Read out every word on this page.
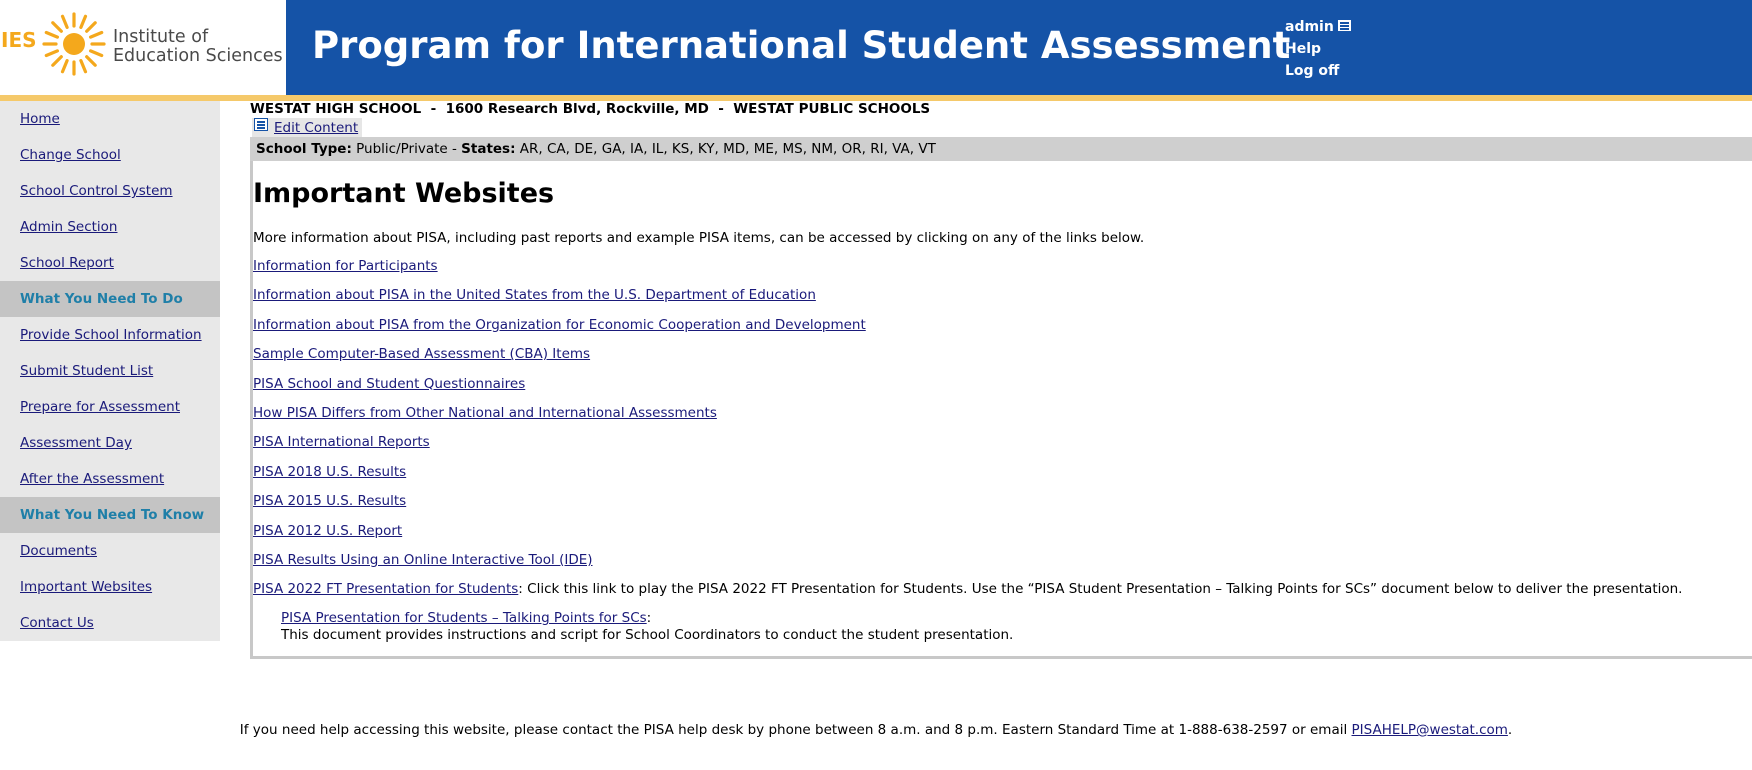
IES	Institute of
Education Sciences Program for International Student Assessment
admin
Help
Log off
Home
Change School
School Control System
Admin Section
School Report
What You Need To Do
Provide School Information
Submit Student List
Prepare for Assessment
Assessment Day
After the Assessment
What You Need To Know
Documents
Important Websites
Contact Us
WESTAT HIGH SCHOOL  -  1600 Research Blvd, Rockville, MD  -  WESTAT PUBLIC SCHOOLS
Edit Content
School Type: Public/Private - States: AR, CA, DE, GA, IA, IL, KS, KY, MD, ME, MS, NM, OR, RI, VA, VT
Important Websites
More information about PISA, including past reports and example PISA items, can be accessed by clicking on any of the links below.
Information for Participants
Information about PISA in the United States from the U.S. Department of Education
Information about PISA from the Organization for Economic Cooperation and Development
Sample Computer-Based Assessment (CBA) Items
PISA School and Student Questionnaires
How PISA Differs from Other National and International Assessments
PISA International Reports
PISA 2018 U.S. Results
PISA 2015 U.S. Results
PISA 2012 U.S. Report
PISA Results Using an Online Interactive Tool (IDE)
PISA 2022 FT Presentation for Students: Click this link to play the PISA 2022 FT Presentation for Students. Use the “PISA Student Presentation – Talking Points for SCs” document below to deliver the presentation.
PISA Presentation for Students – Talking Points for SCs:
This document provides instructions and script for School Coordinators to conduct the student presentation.
If you need help accessing this website, please contact the PISA help desk by phone between 8 a.m. and 8 p.m. Eastern Standard Time at 1-888-638-2597 or email PISAHELP@westat.com.
